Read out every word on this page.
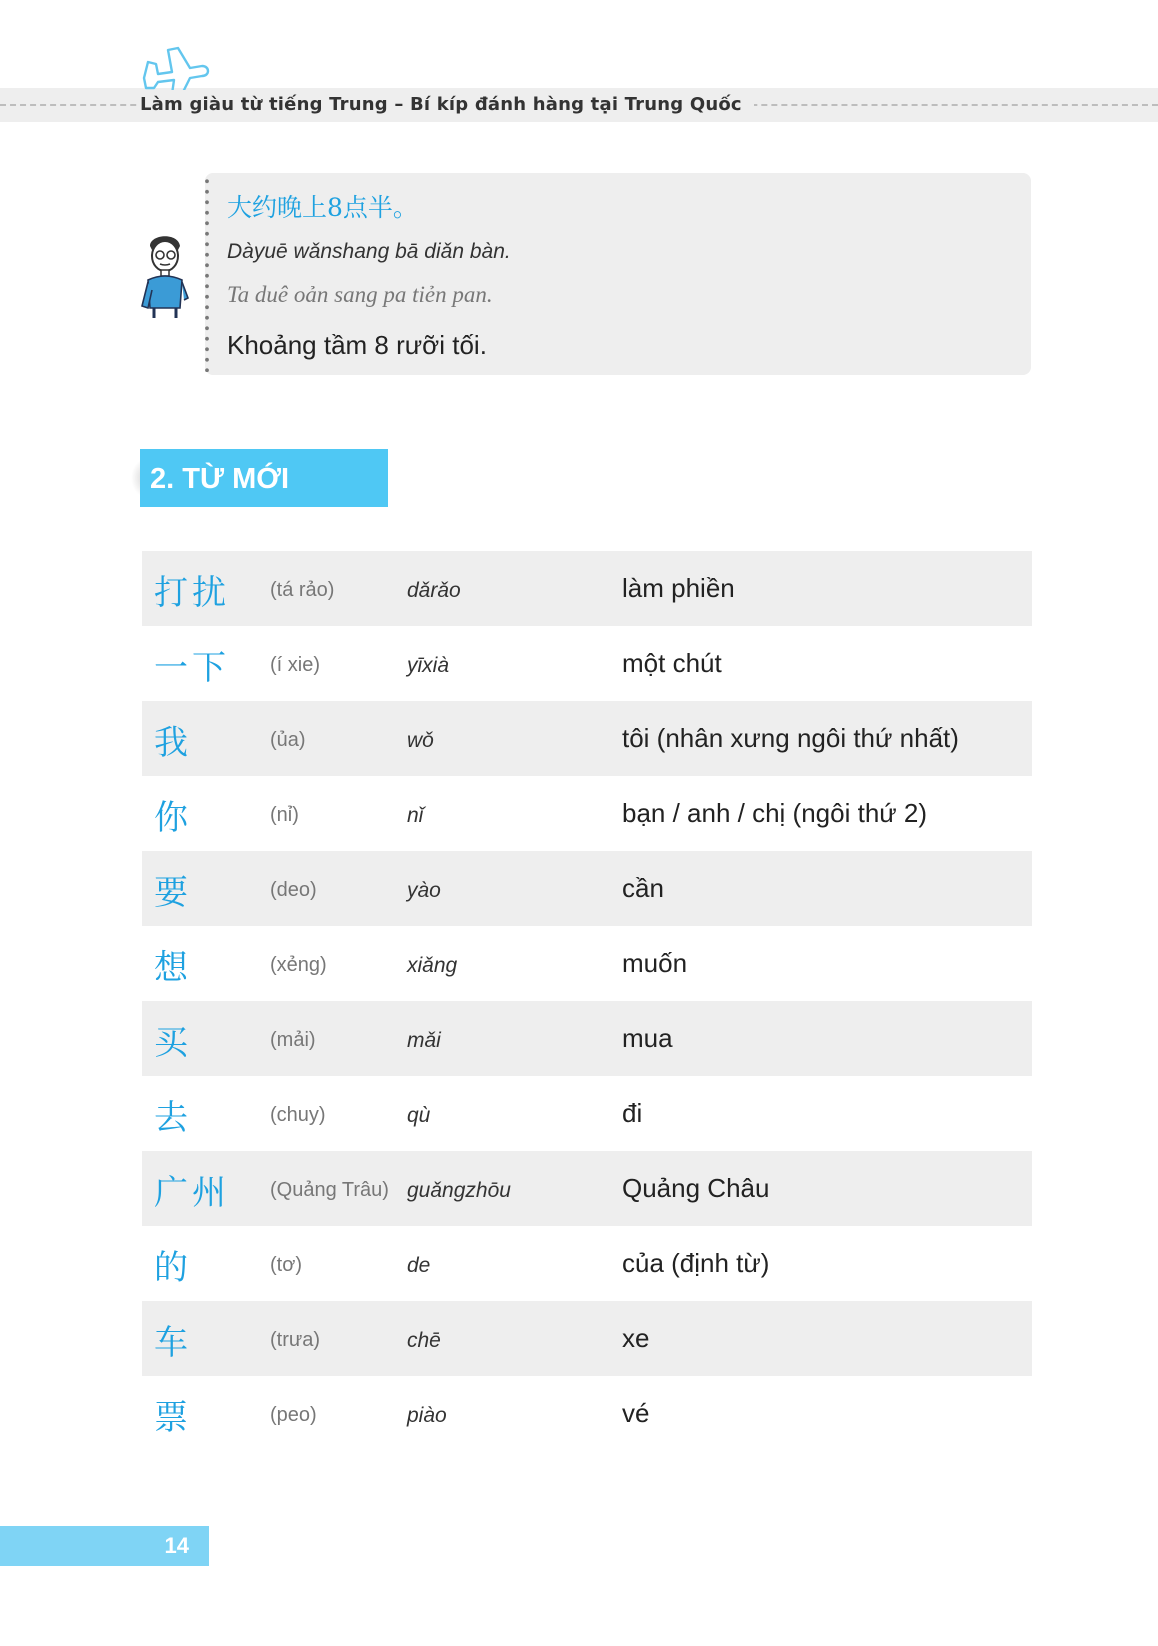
Làm giàu từ tiếng Trung – Bí kíp đánh hàng tại Trung Quốc
大约晚上8点半。
Dàyuē wǎnshang bā diǎn bàn.
Ta duê oản sang pa tiẻn pan.
Khoảng tầm 8 rưỡi tối.
2. TỪ MỚI
打扰 (tá rảo)	dǎrǎo	làm phiền
一下 (í xie)	yīxià	một chút
我	(ủa)	wǒ	tôi (nhân xưng ngôi thứ nhất)
你	(nỉ)	nǐ	bạn / anh / chị (ngôi thứ 2)
要	(deo)	yào	cần
想	(xẻng)	xiǎng	muốn
买	(mải)	mǎi	mua
去	(chuy)	qù	đi
广州 (Quảng Trâu) guǎngzhōu	Quảng Châu
的	(tơ)	de	của (định từ)
车	(trưa)	chē	xe
票	(peo)	piào	vé
14
